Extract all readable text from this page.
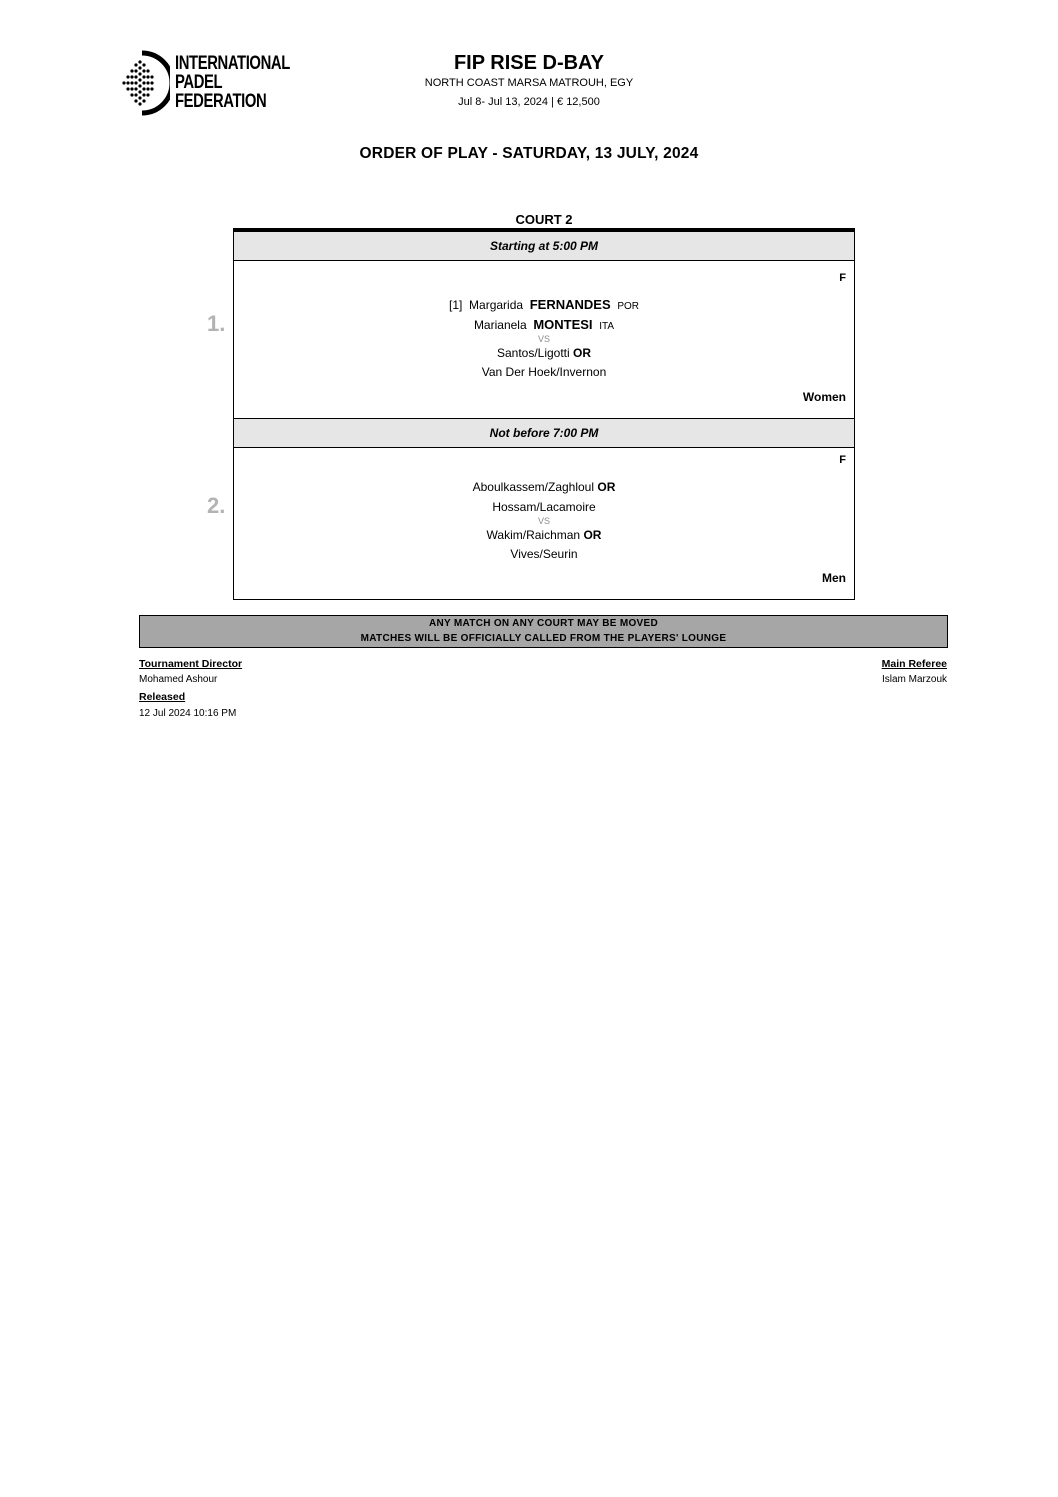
INTERNATIONAL
PADEL
FEDERATION
FIP RISE D-BAY
NORTH COAST MARSA MATROUH, EGY
Jul 8- Jul 13, 2024 | € 12,500
ORDER OF PLAY - SATURDAY, 13 JULY, 2024
COURT 2
1.
2.
Starting at 5:00 PM
F
[1] Margarida FERNANDES POR
Marianela MONTESI ITA
VS
Santos/Ligotti OR
Van Der Hoek/Invernon
Women
Not before 7:00 PM
F
Aboulkassem/Zaghloul OR
Hossam/Lacamoire
VS
Wakim/Raichman OR
Vives/Seurin
Men
ANY MATCH ON ANY COURT MAY BE MOVED
MATCHES WILL BE OFFICIALLY CALLED FROM THE PLAYERS' LOUNGE
Tournament Director
Mohamed Ashour
Released
12 Jul 2024 10:16 PM
Main Referee
Islam Marzouk
